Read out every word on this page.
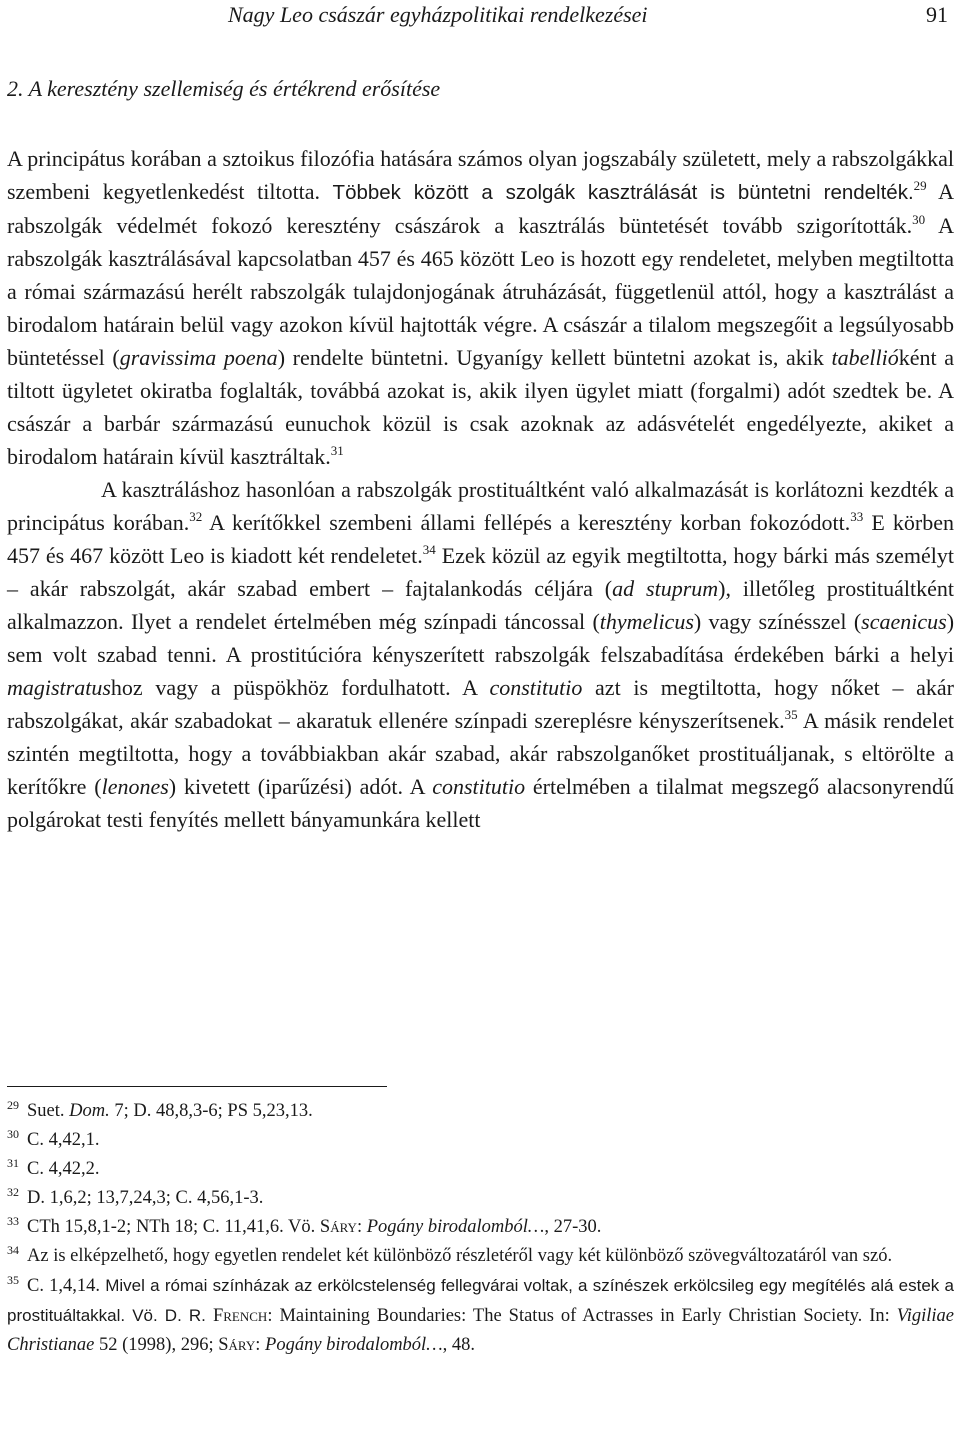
Nagy Leo császár egyházpolitikai rendelkezései	91
2. A keresztény szellemiség és értékrend erősítése

A principátus korában a sztoikus filozófia hatására számos olyan jogszabály született, mely a rabszolgákkal szembeni kegyetlenkedést tiltotta. Többek között a szolgák kasztrálását is büntetni rendelték.$^{29}$ A rabszolgák védelmét fokozó keresztény császárok a kasztrálás büntetését tovább szigorították.$^{30}$ A rabszolgák kasztrálásával kapcsolatban 457 és 465 között Leo is hozott egy rendeletet, melyben megtiltotta a római származású herélt rabszolgák tulajdonjogának átruházását, függetlenül attól, hogy a kasztrálást a birodalom határain belül vagy azokon kívül hajtották végre. A császár a tilalom megszegőit a legsúlyosabb büntetéssel (gravissima poena) rendelte büntetni. Ugyanígy kellett büntetni azokat is, akik tabellióként a tiltott ügyletet okiratba foglalták, továbbá azokat is, akik ilyen ügylet miatt (forgalmi) adót szedtek be. A császár a barbár származású eunuchok közül is csak azoknak az adásvételét engedélyezte, akiket a birodalom határain kívül kasztráltak.$^{31}$

A kasztráláshoz hasonlóan a rabszolgák prostituáltként való alkalmazását is korlátozni kezdték a principátus korában.$^{32}$ A kerítőkkel szembeni állami fellépés a keresztény korban fokozódott.$^{33}$ E körben 457 és 467 között Leo is kiadott két rendeletet.$^{34}$ Ezek közül az egyik megtiltotta, hogy bárki más személyt – akár rabszolgát, akár szabad embert – fajtalankodás céljára (ad stuprum), illetőleg prostituáltként alkalmazzon. Ilyet a rendelet értelmében még színpadi táncossal (thymelicus) vagy színésszel (scaenicus) sem volt szabad tenni. A prostitúcióra kényszerített rabszolgák felszabadítása érdekében bárki a helyi magistratushoz vagy a püspökhöz fordulhatott. A constitutio azt is megtiltotta, hogy nőket – akár rabszolgákat, akár szabadokat – akaratuk ellenére színpadi szereplésre kényszerítsenek.$^{35}$ A másik rendelet szintén megtiltotta, hogy a továbbiakban akár szabad, akár rabszolganőket prostituáljanak, s eltörölte a kerítőkre (lenones) kivetett (iparűzési) adót. A constitutio értelmében a tilalmat megszegő alacsonyrendű polgárokat testi fenyítés mellett bányamunkára kellett

$^{29}$ Suet. Dom. 7; D. 48,8,3-6; PS 5,23,13.

$^{30}$ C. 4,42,1.

$^{31}$ C. 4,42,2.

$^{32}$ D. 1,6,2; 13,7,24,3; C. 4,56,1-3.

$^{33}$ CTh 15,8,1-2; NTh 18; C. 11,41,6. Vö. Sáry: Pogány birodalomból…, 27-30.

$^{34}$ Az is elképzelhető, hogy egyetlen rendelet két különböző részletéről vagy két különböző szövegváltozatáról van szó.

$^{35}$ C. 1,4,14. Mivel a római színházak az erkölcstelenség fellegvárai voltak, a színészek erkölcsileg egy megítélés alá estek a prostituáltakkal. Vö. D. R. French: Maintaining Boundaries: The Status of Actrasses in Early Christian Society. In: Vigiliae Christianae 52 (1998), 296; Sáry: Pogány birodalomból…, 48.
